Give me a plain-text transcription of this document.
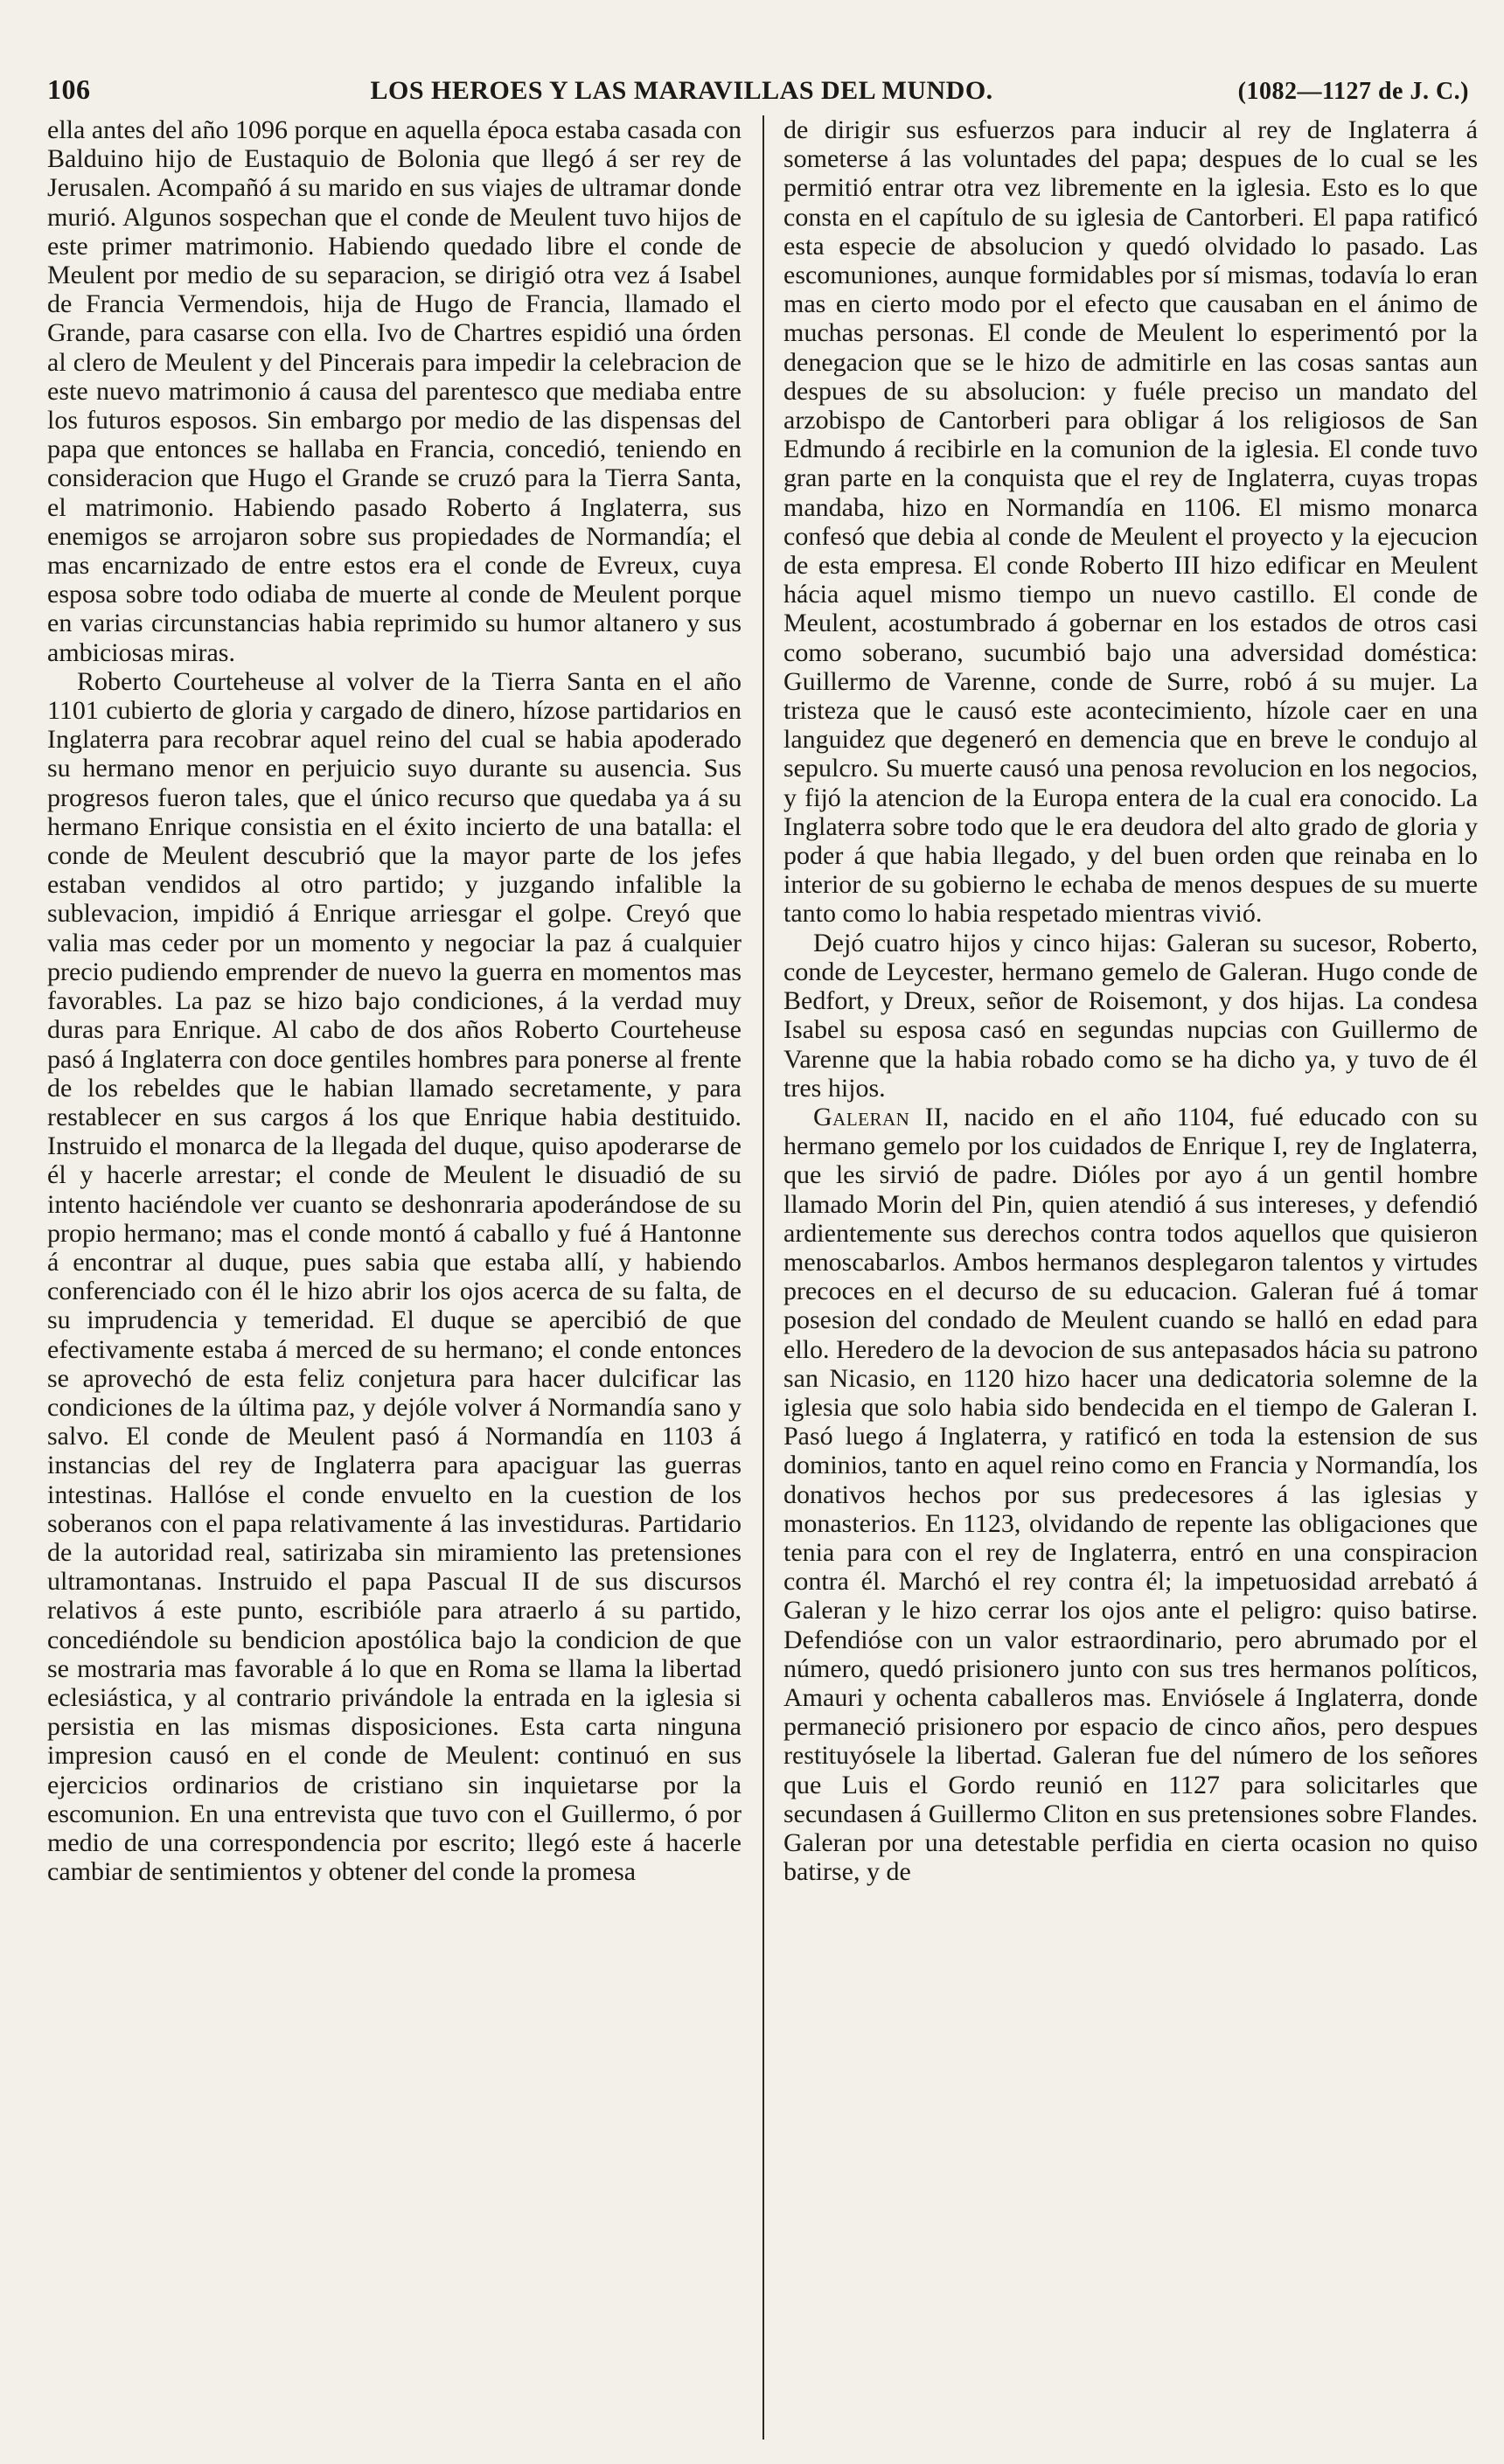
106	LOS HEROES Y LAS MARAVILLAS DEL MUNDO.	(1082—1127 de J. C.)

ella antes del año 1096 porque en aquella época estaba casada con Balduino hijo de Eustaquio de Bolonia que llegó á ser rey de Jerusalen. Acompañó á su marido en sus viajes de ultramar donde murió. Algunos sospechan que el conde de Meulent tuvo hijos de este primer matrimonio. Habiendo quedado libre el conde de Meulent por medio de su separacion, se dirigió otra vez á Isabel de Francia Vermendois, hija de Hugo de Francia, llamado el Grande, para casarse con ella. Ivo de Chartres espidió una órden al clero de Meulent y del Pincerais para impedir la celebracion de este nuevo matrimonio á causa del parentesco que mediaba entre los futuros esposos. Sin embargo por medio de las dispensas del papa que entonces se hallaba en Francia, concedió, teniendo en consideracion que Hugo el Grande se cruzó para la Tierra Santa, el matrimonio. Habiendo pasado Roberto á Inglaterra, sus enemigos se arrojaron sobre sus propiedades de Normandía; el mas encarnizado de entre estos era el conde de Evreux, cuya esposa sobre todo odiaba de muerte al conde de Meulent porque en varias circunstancias habia reprimido su humor altanero y sus ambiciosas miras.

Roberto Courteheuse al volver de la Tierra Santa en el año 1101 cubierto de gloria y cargado de dinero, hízose partidarios en Inglaterra para recobrar aquel reino del cual se habia apoderado su hermano menor en perjuicio suyo durante su ausencia. Sus progresos fueron tales, que el único recurso que quedaba ya á su hermano Enrique consistia en el éxito incierto de una batalla: el conde de Meulent descubrió que la mayor parte de los jefes estaban vendidos al otro partido; y juzgando infalible la sublevacion, impidió á Enrique arriesgar el golpe. Creyó que valia mas ceder por un momento y negociar la paz á cualquier precio pudiendo emprender de nuevo la guerra en momentos mas favorables. La paz se hizo bajo condiciones, á la verdad muy duras para Enrique. Al cabo de dos años Roberto Courteheuse pasó á Inglaterra con doce gentiles hombres para ponerse al frente de los rebeldes que le habian llamado secretamente, y para restablecer en sus cargos á los que Enrique habia destituido. Instruido el monarca de la llegada del duque, quiso apoderarse de él y hacerle arrestar; el conde de Meulent le disuadió de su intento haciéndole ver cuanto se deshonraria apoderándose de su propio hermano; mas el conde montó á caballo y fué á Hantonne á encontrar al duque, pues sabia que estaba allí, y habiendo conferenciado con él le hizo abrir los ojos acerca de su falta, de su imprudencia y temeridad. El duque se apercibió de que efectivamente estaba á merced de su hermano; el conde entonces se aprovechó de esta feliz conjetura para hacer dulcificar las condiciones de la última paz, y dejóle volver á Normandía sano y salvo. El conde de Meulent pasó á Normandía en 1103 á instancias del rey de Inglaterra para apaciguar las guerras intestinas. Hallóse el conde envuelto en la cuestion de los soberanos con el papa relativamente á las investiduras. Partidario de la autoridad real, satirizaba sin miramiento las pretensiones ultramontanas. Instruido el papa Pascual II de sus discursos relativos á este punto, escribióle para atraerlo á su partido, concediéndole su bendicion apostólica bajo la condicion de que se mostraria mas favorable á lo que en Roma se llama la libertad eclesiástica, y al contrario privándole la entrada en la iglesia si persistia en las mismas disposiciones. Esta carta ninguna impresion causó en el conde de Meulent: continuó en sus ejercicios ordinarios de cristiano sin inquietarse por la escomunion. En una entrevista que tuvo con el Guillermo, ó por medio de una correspondencia por escrito; llegó este á hacerle cambiar de sentimientos y obtener del conde la promesa

de dirigir sus esfuerzos para inducir al rey de Inglaterra á someterse á las voluntades del papa; despues de lo cual se les permitió entrar otra vez libremente en la iglesia. Esto es lo que consta en el capítulo de su iglesia de Cantorberi. El papa ratificó esta especie de absolucion y quedó olvidado lo pasado. Las escomuniones, aunque formidables por sí mismas, todavía lo eran mas en cierto modo por el efecto que causaban en el ánimo de muchas personas. El conde de Meulent lo esperimentó por la denegacion que se le hizo de admitirle en las cosas santas aun despues de su absolucion: y fuéle preciso un mandato del arzobispo de Cantorberi para obligar á los religiosos de San Edmundo á recibirle en la comunion de la iglesia. El conde tuvo gran parte en la conquista que el rey de Inglaterra, cuyas tropas mandaba, hizo en Normandía en 1106. El mismo monarca confesó que debia al conde de Meulent el proyecto y la ejecucion de esta empresa. El conde Roberto III hizo edificar en Meulent hácia aquel mismo tiempo un nuevo castillo. El conde de Meulent, acostumbrado á gobernar en los estados de otros casi como soberano, sucumbió bajo una adversidad doméstica: Guillermo de Varenne, conde de Surre, robó á su mujer. La tristeza que le causó este acontecimiento, hízole caer en una languidez que degeneró en demencia que en breve le condujo al sepulcro. Su muerte causó una penosa revolucion en los negocios, y fijó la atencion de la Europa entera de la cual era conocido. La Inglaterra sobre todo que le era deudora del alto grado de gloria y poder á que habia llegado, y del buen orden que reinaba en lo interior de su gobierno le echaba de menos despues de su muerte tanto como lo habia respetado mientras vivió.

Dejó cuatro hijos y cinco hijas: Galeran su sucesor, Roberto, conde de Leycester, hermano gemelo de Galeran. Hugo conde de Bedfort, y Dreux, señor de Roisemont, y dos hijas. La condesa Isabel su esposa casó en segundas nupcias con Guillermo de Varenne que la habia robado como se ha dicho ya, y tuvo de él tres hijos.

Galeran II, nacido en el año 1104, fué educado con su hermano gemelo por los cuidados de Enrique I, rey de Inglaterra, que les sirvió de padre. Dióles por ayo á un gentil hombre llamado Morin del Pin, quien atendió á sus intereses, y defendió ardientemente sus derechos contra todos aquellos que quisieron menoscabarlos. Ambos hermanos desplegaron talentos y virtudes precoces en el decurso de su educacion. Galeran fué á tomar posesion del condado de Meulent cuando se halló en edad para ello. Heredero de la devocion de sus antepasados hácia su patrono san Nicasio, en 1120 hizo hacer una dedicatoria solemne de la iglesia que solo habia sido bendecida en el tiempo de Galeran I. Pasó luego á Inglaterra, y ratificó en toda la estension de sus dominios, tanto en aquel reino como en Francia y Normandía, los donativos hechos por sus predecesores á las iglesias y monasterios. En 1123, olvidando de repente las obligaciones que tenia para con el rey de Inglaterra, entró en una conspiracion contra él. Marchó el rey contra él; la impetuosidad arrebató á Galeran y le hizo cerrar los ojos ante el peligro: quiso batirse. Defendióse con un valor estraordinario, pero abrumado por el número, quedó prisionero junto con sus tres hermanos políticos, Amauri y ochenta caballeros mas. Enviósele á Inglaterra, donde permaneció prisionero por espacio de cinco años, pero despues restituyósele la libertad. Galeran fue del número de los señores que Luis el Gordo reunió en 1127 para solicitarles que secundasen á Guillermo Cliton en sus pretensiones sobre Flandes. Galeran por una detestable perfidia en cierta ocasion no quiso batirse, y de
